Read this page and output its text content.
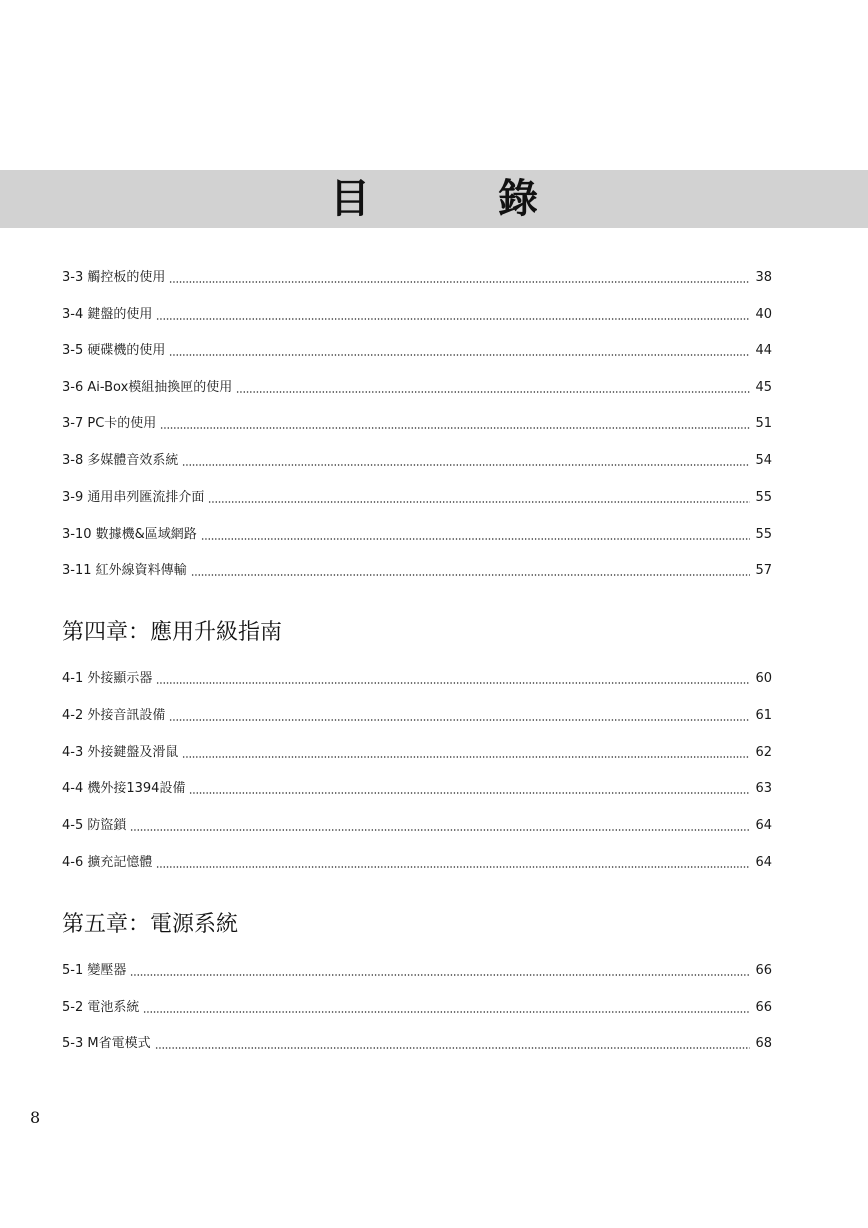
目　錄
3-3 觸控板的使用	38
3-4 鍵盤的使用	40
3-5 硬碟機的使用	44
3-6 Ai-Box模組抽換匣的使用	45
3-7 PC卡的使用	51
3-8 多媒體音效系統	54
3-9 通用串列匯流排介面	55
3-10 數據機&區域網路	55
3-11 紅外線資料傳輸	57
第四章：應用升級指南
4-1 外接顯示器	60
4-2 外接音訊設備	61
4-3 外接鍵盤及滑鼠	62
4-4 機外接1394設備	63
4-5 防盜鎖	64
4-6 擴充記憶體	64
第五章：電源系統
5-1 變壓器	66
5-2 電池系統	66
5-3 M省電模式	68
8
